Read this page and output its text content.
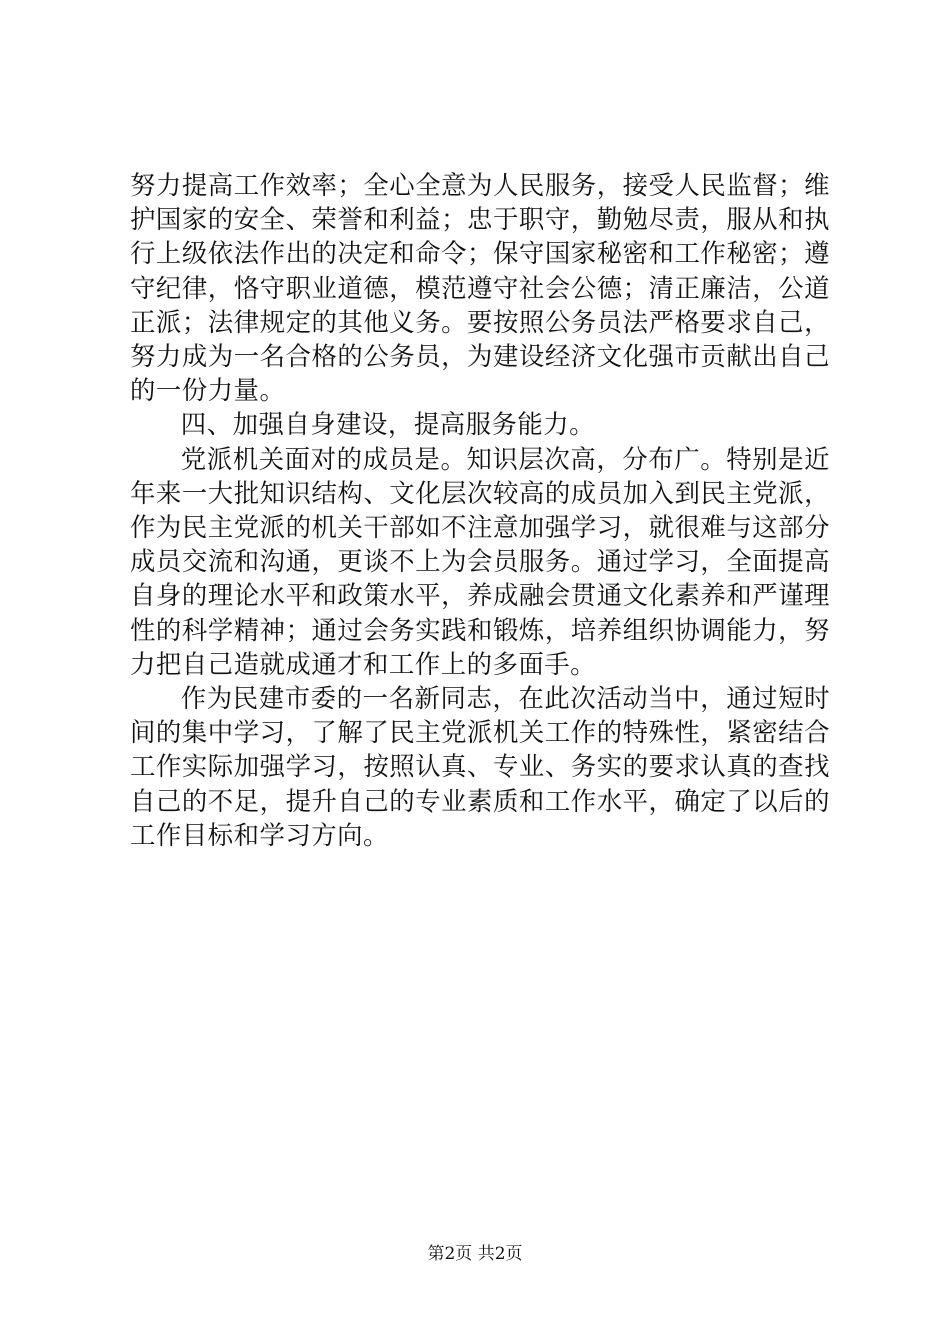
努力提高工作效率；全心全意为人民服务，接受人民监督；维护国家的安全、荣誉和利益；忠于职守，勤勉尽责，服从和执行上级依法作出的决定和命令；保守国家秘密和工作秘密；遵守纪律，恪守职业道德，模范遵守社会公德；清正廉洁，公道正派；法律规定的其他义务。要按照公务员法严格要求自己，努力成为一名合格的公务员，为建设经济文化强市贡献出自己的一份力量。

四、加强自身建设，提高服务能力。

党派机关面对的成员是。知识层次高，分布广。特别是近年来一大批知识结构、文化层次较高的成员加入到民主党派，作为民主党派的机关干部如不注意加强学习，就很难与这部分成员交流和沟通，更谈不上为会员服务。通过学习，全面提高自身的理论水平和政策水平，养成融会贯通文化素养和严谨理性的科学精神；通过会务实践和锻炼，培养组织协调能力，努力把自己造就成通才和工作上的多面手。

作为民建市委的一名新同志，在此次活动当中，通过短时间的集中学习，了解了民主党派机关工作的特殊性，紧密结合工作实际加强学习，按照认真、专业、务实的要求认真的查找自己的不足，提升自己的专业素质和工作水平，确定了以后的工作目标和学习方向。

第2页 共2页
